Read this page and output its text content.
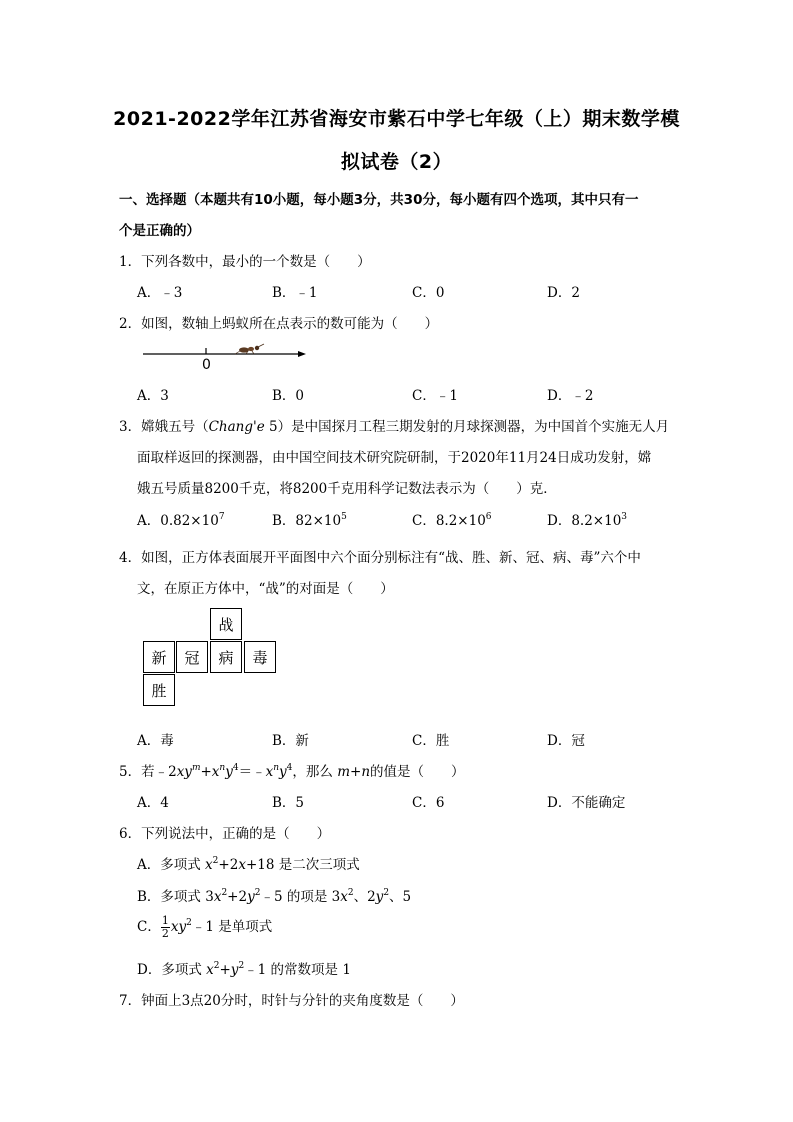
2021-2022学年江苏省海安市紫石中学七年级（上）期末数学模
拟试卷（2）
一、选择题（本题共有10小题，每小题3分，共30分，每小题有四个选项，其中只有一
个是正确的）
1．下列各数中，最小的一个数是（　　）
A．﹣3	B．﹣1	C．0	D．2
2．如图，数轴上蚂蚁所在点表示的数可能为（　　）
0
A．3	B．0	C．﹣1	D．﹣2
3．嫦娥五号（Chang'e 5）是中国探月工程三期发射的月球探测器，为中国首个实施无人月
面取样返回的探测器，由中国空间技术研究院研制，于2020年11月24日成功发射，嫦
娥五号质量8200千克，将8200千克用科学记数法表示为（　　）克．
A．$0.82\times 10^7$	B．$82\times 10^5$	C．$8.2\times 10^6$	D．$8.2\times 10^3$
4．如图，正方体表面展开平面图中六个面分别标注有“战、胜、新、冠、病、毒”六个中
文，在原正方体中，“战”的对面是（　　）
战
新	冠	病	毒
胜
A．毒	B．新	C．胜	D．冠
5．若$﹣2xy^m+x^ny^4=﹣x^ny^4$，那么 m+n的值是（　　）
A．4	B．5	C．6	D．不能确定
6．下列说法中，正确的是（　　）
A．多项式 $x^2+2x+18$ 是二次三项式
B．多项式 $3x^2+2y^2﹣5$ 的项是 $3x^2$、$2y^2$、5
C． $\frac{1}{2}$ $xy^2﹣1$ 是单项式
D．多项式 $x^2+y^2﹣1$ 的常数项是 1
7．钟面上3点20分时，时针与分针的夹角度数是（　　）
